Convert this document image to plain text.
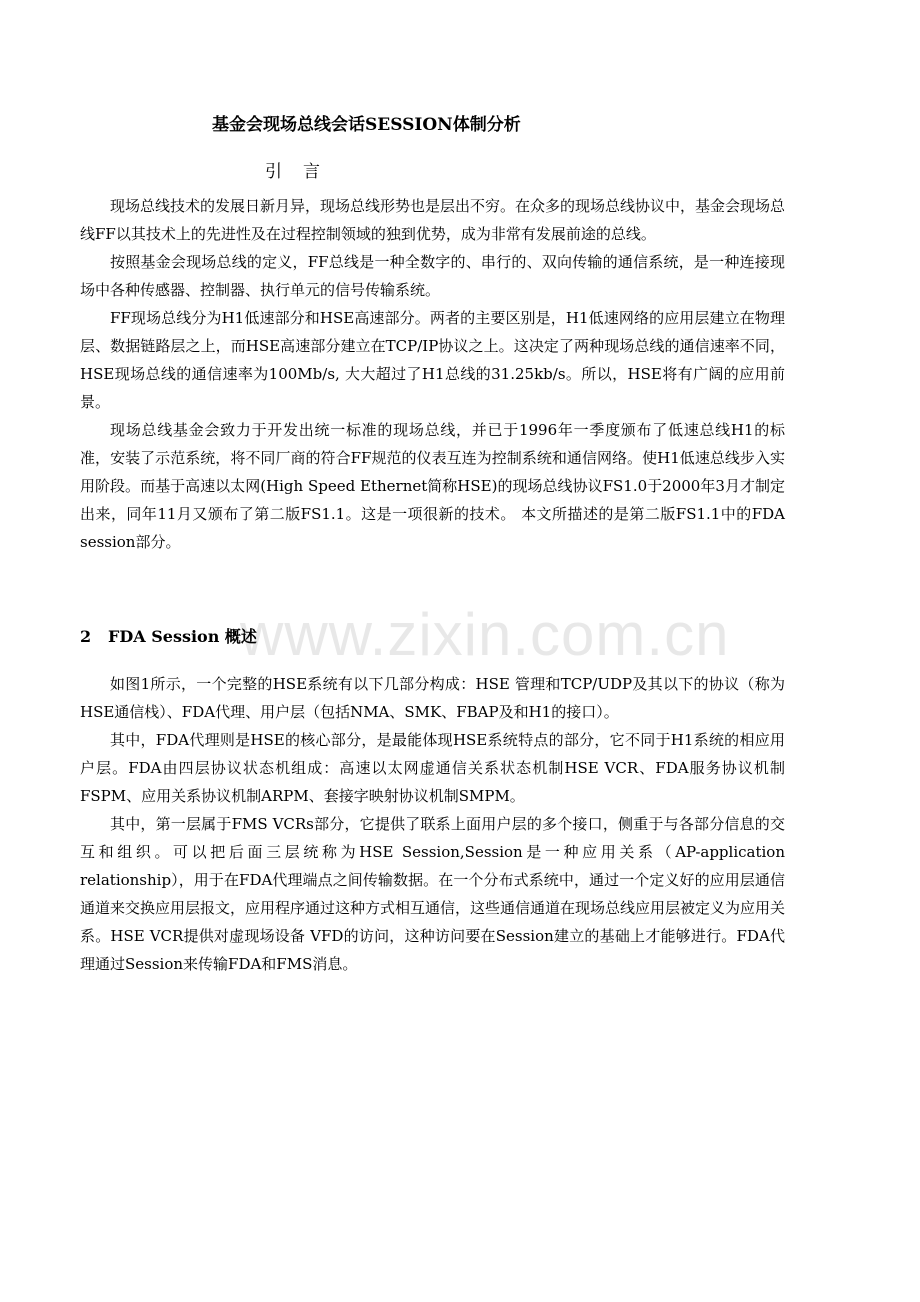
www.zixin.com.cn
基金会现场总线会话SESSION体制分析
引　言

现场总线技术的发展日新月异，现场总线形势也是层出不穷。在众多的现场总线协议中，基金会现场总线FF以其技术上的先进性及在过程控制领域的独到优势，成为非常有发展前途的总线。

按照基金会现场总线的定义，FF总线是一种全数字的、串行的、双向传输的通信系统，是一种连接现场中各种传感器、控制器、执行单元的信号传输系统。

FF现场总线分为H1低速部分和HSE高速部分。两者的主要区别是，H1低速网络的应用层建立在物理层、数据链路层之上，而HSE高速部分建立在TCP/IP协议之上。这决定了两种现场总线的通信速率不同，HSE现场总线的通信速率为100Mb/s, 大大超过了H1总线的31.25kb/s。所以，HSE将有广阔的应用前景。

现场总线基金会致力于开发出统一标准的现场总线，并已于1996年一季度颁布了低速总线H1的标准，安装了示范系统，将不同厂商的符合FF规范的仪表互连为控制系统和通信网络。使H1低速总线步入实用阶段。而基于高速以太网(High Speed Ethernet简称HSE)的现场总线协议FS1.0于2000年3月才制定出来，同年11月又颁布了第二版FS1.1。这是一项很新的技术。 本文所描述的是第二版FS1.1中的FDA session部分。

2 FDA Session 概述

如图1所示，一个完整的HSE系统有以下几部分构成：HSE 管理和TCP/UDP及其以下的协议（称为HSE通信栈）、FDA代理、用户层（包括NMA、SMK、FBAP及和H1的接口）。

其中，FDA代理则是HSE的核心部分，是最能体现HSE系统特点的部分，它不同于H1系统的相应用户层。FDA由四层协议状态机组成：高速以太网虚通信关系状态机制HSE VCR、FDA服务协议机制FSPM、应用关系协议机制ARPM、套接字映射协议机制SMPM。

其中，第一层属于FMS VCRs部分，它提供了联系上面用户层的多个接口，侧重于与各部分信息的交互和组织。可以把后面三层统称为HSE Session,Session是一种应用关系（AP-application relationship），用于在FDA代理端点之间传输数据。在一个分布式系统中，通过一个定义好的应用层通信通道来交换应用层报文，应用程序通过这种方式相互通信，这些通信通道在现场总线应用层被定义为应用关系。HSE VCR提供对虚现场设备 VFD的访问，这种访问要在Session建立的基础上才能够进行。FDA代理通过Session来传输FDA和FMS消息。
